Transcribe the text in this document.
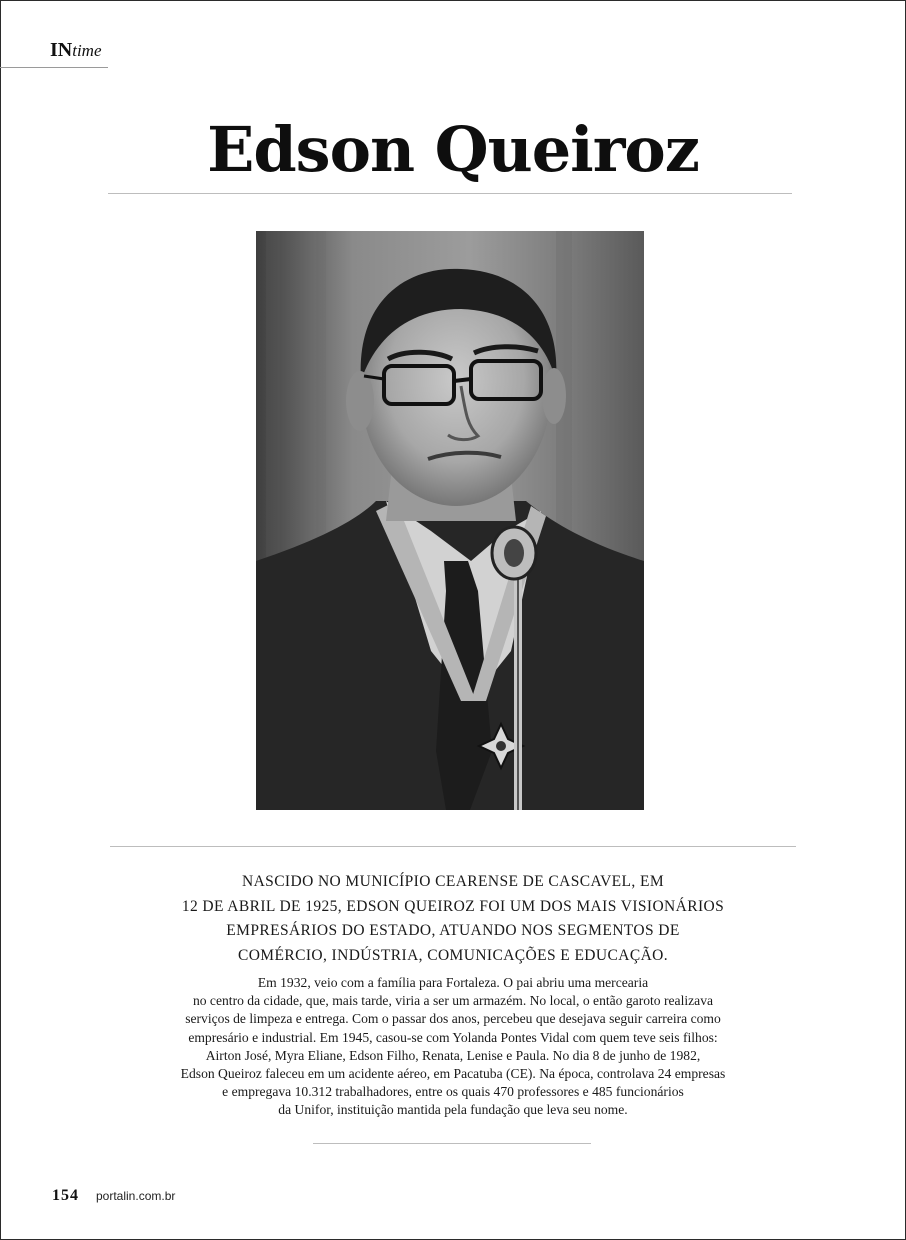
INtime
Edson Queiroz
NASCIDO NO MUNICÍPIO CEARENSE DE CASCAVEL, EM
12 DE ABRIL DE 1925, EDSON QUEIROZ FOI UM DOS MAIS VISIONÁRIOS
EMPRESÁRIOS DO ESTADO, ATUANDO NOS SEGMENTOS DE
COMÉRCIO, INDÚSTRIA, COMUNICAÇÕES E EDUCAÇÃO.
Em 1932, veio com a família para Fortaleza. O pai abriu uma mercearia
no centro da cidade, que, mais tarde, viria a ser um armazém. No local, o então garoto realizava
serviços de limpeza e entrega. Com o passar dos anos, percebeu que desejava seguir carreira como
empresário e industrial. Em 1945, casou-se com Yolanda Pontes Vidal com quem teve seis filhos:
Airton José, Myra Eliane, Edson Filho, Renata, Lenise e Paula. No dia 8 de junho de 1982,
Edson Queiroz faleceu em um acidente aéreo, em Pacatuba (CE). Na época, controlava 24 empresas
e empregava 10.312 trabalhadores, entre os quais 470 professores e 485 funcionários
da Unifor, instituição mantida pela fundação que leva seu nome.
154 portalin.com.br
